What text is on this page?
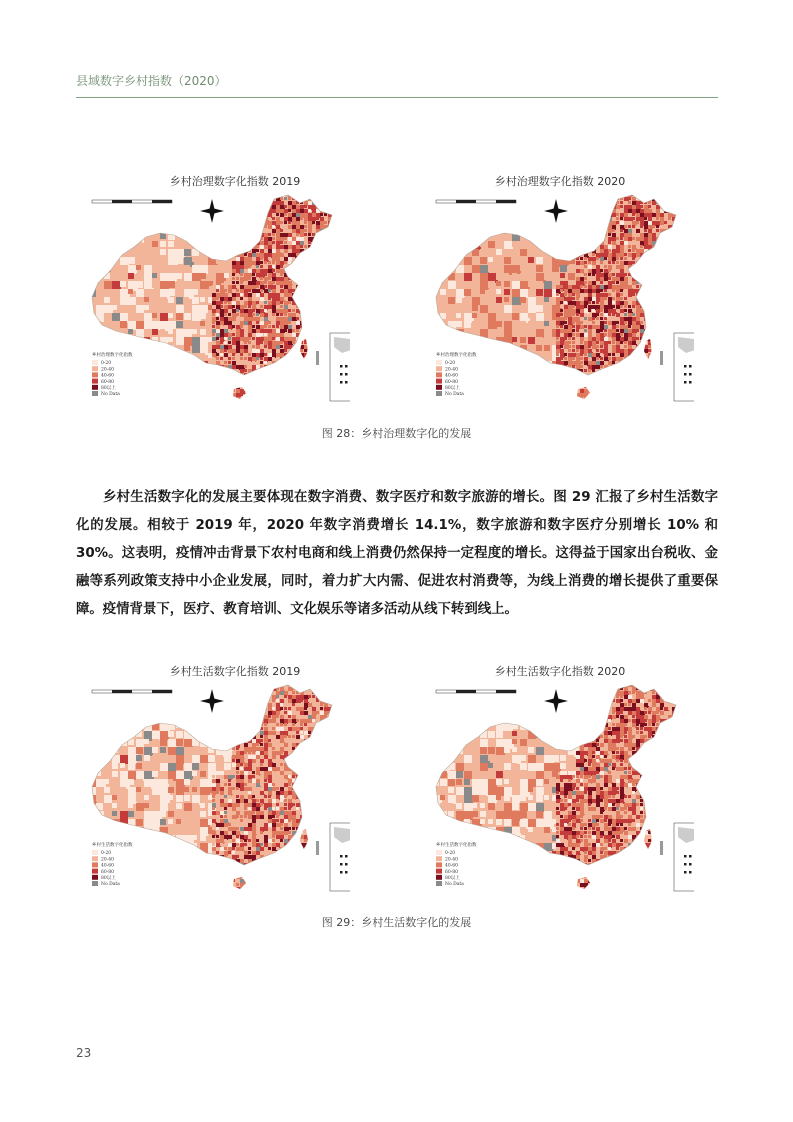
县域数字乡村指数（2020）
乡村治理数字化指数 2019	乡村治理数字化指数 2020
乡村治理数字化指数
0-20
20-40
40-60
60-80
80以上
No Data
乡村治理数字化指数
0-20
20-40
40-60
60-80
80以上
No Data
图 28：乡村治理数字化的发展
乡村生活数字化的发展主要体现在数字消费、数字医疗和数字旅游的增长。图 29 汇报了乡村生活数字化的发展。相较于 2019 年，2020 年数字消费增长 14.1%，数字旅游和数字医疗分别增长 10% 和 30%。这表明，疫情冲击背景下农村电商和线上消费仍然保持一定程度的增长。这得益于国家出台税收、金融等系列政策支持中小企业发展，同时，着力扩大内需、促进农村消费等，为线上消费的增长提供了重要保障。疫情背景下，医疗、教育培训、文化娱乐等诸多活动从线下转到线上。
乡村生活数字化指数 2019	乡村生活数字化指数 2020
乡村生活数字化指数
0-20
20-40
40-60
60-80
80以上
No Data
乡村生活数字化指数
0-20
20-40
40-60
60-80
80以上
No Data
图 29：乡村生活数字化的发展
23
